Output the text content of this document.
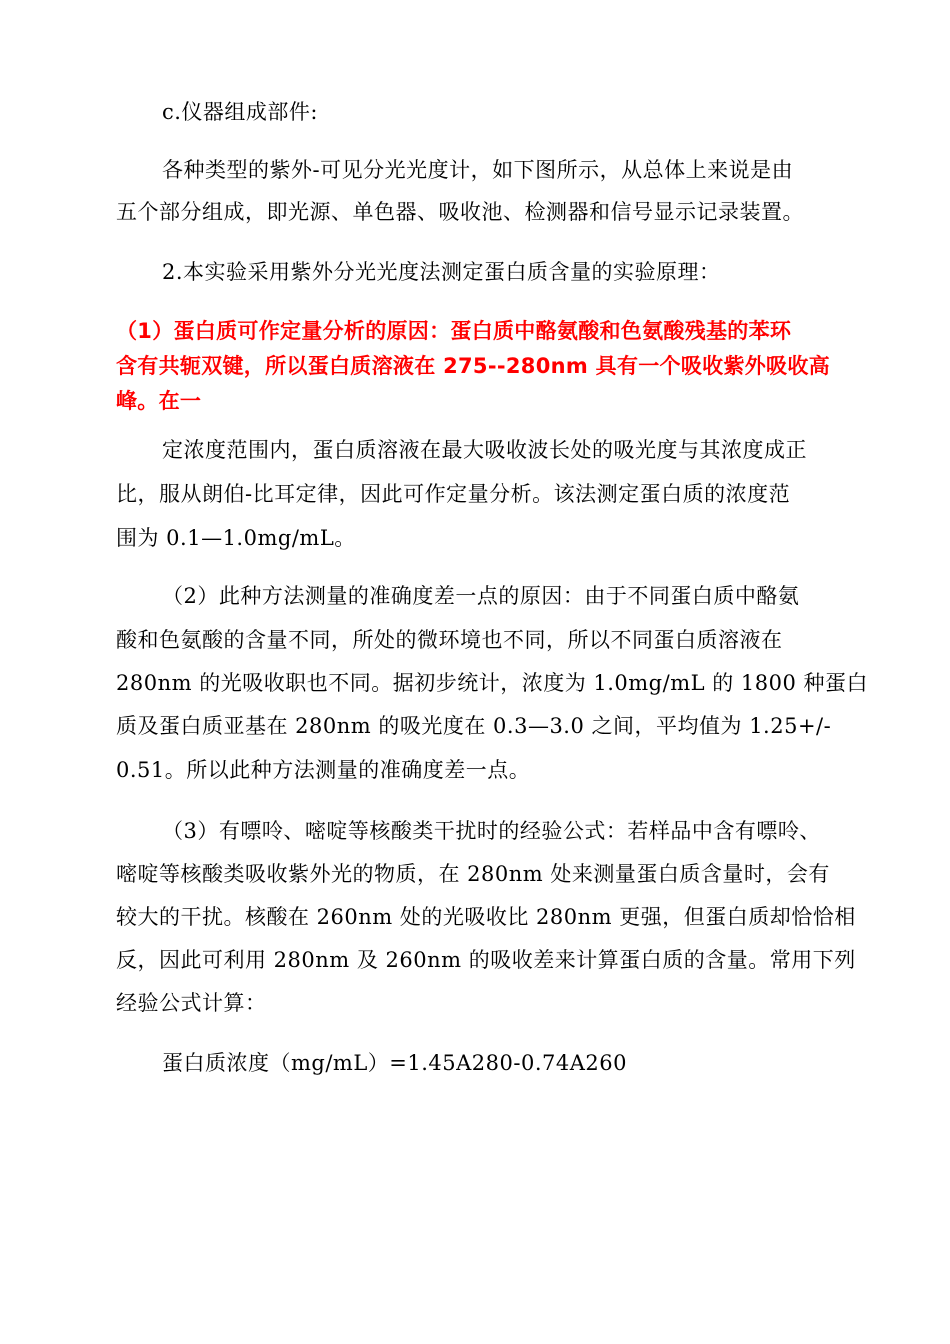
c.仪器组成部件:
各种类型的紫外-可见分光光度计，如下图所示，从总体上来说是由
五个部分组成，即光源、单色器、吸收池、检测器和信号显示记录装置。
2.本实验采用紫外分光光度法测定蛋白质含量的实验原理：
（1）蛋白质可作定量分析的原因：蛋白质中酪氨酸和色氨酸残基的苯环
含有共轭双键，所以蛋白质溶液在 275--280nm 具有一个吸收紫外吸收高
峰。在一
定浓度范围内，蛋白质溶液在最大吸收波长处的吸光度与其浓度成正
比，服从朗伯-比耳定律，因此可作定量分析。该法测定蛋白质的浓度范
围为 0.1—1.0mg/mL。
（2）此种方法测量的准确度差一点的原因：由于不同蛋白质中酪氨
酸和色氨酸的含量不同，所处的微环境也不同，所以不同蛋白质溶液在
280nm 的光吸收职也不同。据初步统计，浓度为 1.0mg/mL 的 1800 种蛋白
质及蛋白质亚基在 280nm 的吸光度在 0.3—3.0 之间，平均值为 1.25+/-
0.51。所以此种方法测量的准确度差一点。
（3）有嘌呤、嘧啶等核酸类干扰时的经验公式：若样品中含有嘌呤、
嘧啶等核酸类吸收紫外光的物质，在 280nm 处来测量蛋白质含量时，会有
较大的干扰。核酸在 260nm 处的光吸收比 280nm 更强，但蛋白质却恰恰相
反，因此可利用 280nm 及 260nm 的吸收差来计算蛋白质的含量。常用下列
经验公式计算：
蛋白质浓度（mg/mL）=1.45A280-0.74A260
